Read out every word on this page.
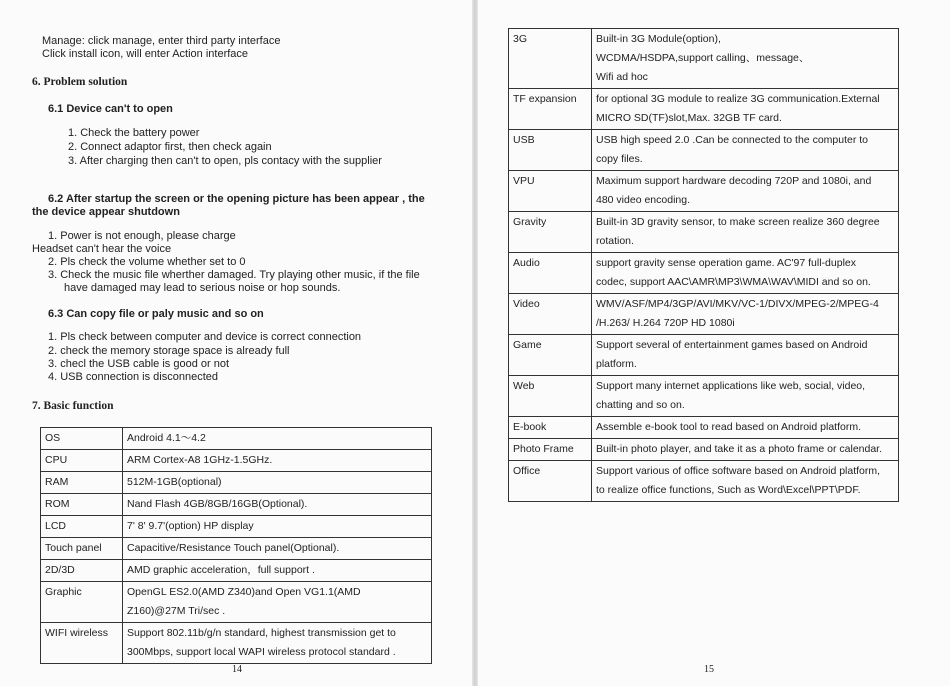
Manage: click manage, enter third party interface
Click install icon, will enter Action interface
6. Problem solution
6.1 Device can't to open
1. Check the battery power
2. Connect adaptor first, then check again
3. After charging then can't to open, pls contacy with the supplier
6.2 After startup the screen or the opening picture has been appear , the
the device appear shutdown
1. Power is not enough, please charge
Headset can't hear the voice
2. Pls check the volume whether set to 0
3. Check the music file wherther damaged. Try playing other music, if the file
have damaged may lead to serious noise or hop sounds.
6.3 Can copy file or paly music and so on
1. Pls check between computer and device is correct connection
2. check the memory storage space is already full
3. checl the USB cable is good or not
4. USB connection is disconnected
7. Basic function
OS	Android 4.1～4.2

CPU	ARM Cortex-A8 1GHz-1.5GHz.

RAM	512M-1GB(optional)

ROM	Nand Flash 4GB/8GB/16GB(Optional).

LCD	7' 8' 9.7'(option) HP display

Touch panel	Capacitive/Resistance Touch panel(Optional).

2D/3D	AMD graphic acceleration，full support .

Graphic	OpenGL ES2.0(AMD Z340)and Open VG1.1(AMD
Z160)@27M Tri/sec .

WIFI wireless	Support 802.11b/g/n standard, highest transmission get to
300Mbps, support local WAPI wireless protocol standard .
14
3G	Built-in 3G Module(option),
WCDMA/HSDPA,support calling、message、
Wifi ad hoc

TF expansion	for optional 3G module to realize 3G communication.External
MICRO SD(TF)slot,Max. 32GB TF card.

USB	USB high speed 2.0 .Can be connected to the computer to
copy files.

VPU	Maximum support hardware decoding 720P and 1080i, and
480 video encoding.

Gravity	Built-in 3D gravity sensor, to make screen realize 360 degree
rotation.

Audio	support gravity sense operation game. AC'97 full-duplex
codec, support AAC\AMR\MP3\WMA\WAV\MIDI and so on.

Video	WMV/ASF/MP4/3GP/AVI/MKV/VC-1/DIVX/MPEG-2/MPEG-4
/H.263/ H.264 720P HD 1080i

Game	Support several of entertainment games based on Android
platform.

Web	Support many internet applications like web, social, video,
chatting and so on.

E-book	Assemble e-book tool to read based on Android platform.

Photo Frame	Built-in photo player, and take it as a photo frame or calendar.

Office	Support various of office software based on Android platform,
to realize office functions, Such as Word\Excel\PPT\PDF.
15
